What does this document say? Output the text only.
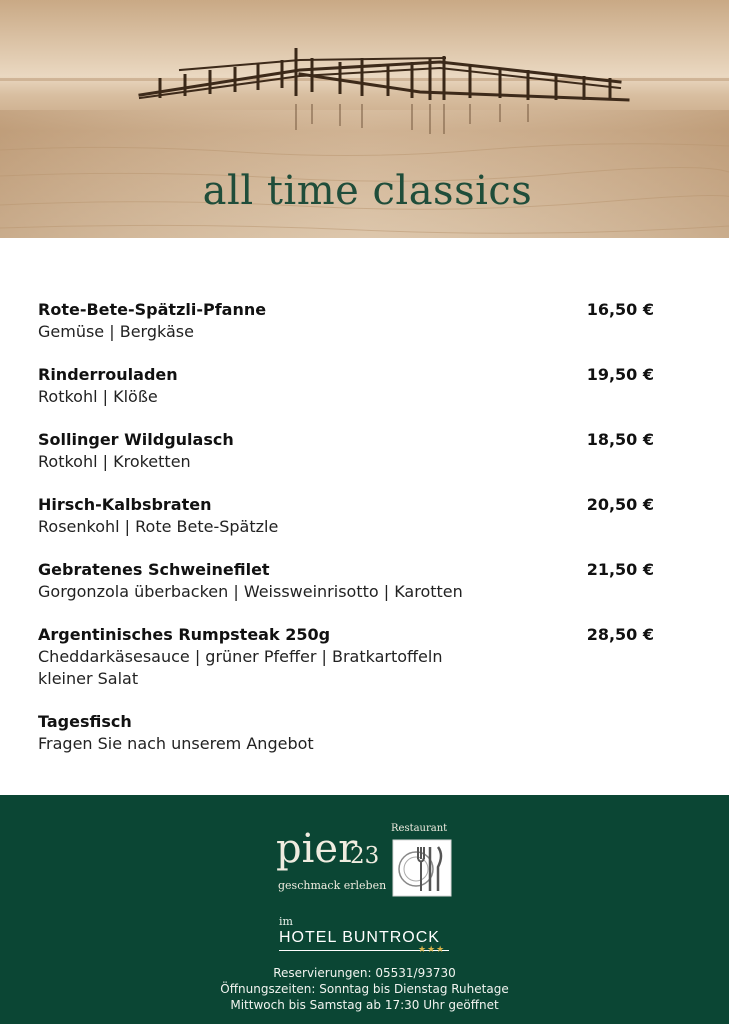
all time classics
Rote-Bete-Spätzli-Pfanne	16,50 €
Gemüse | Bergkäse
Rinderrouladen	19,50 €
Rotkohl | Klöße
Sollinger Wildgulasch	18,50 €
Rotkohl | Kroketten
Hirsch-Kalbsbraten	20,50 €
Rosenkohl | Rote Bete-Spätzle
Gebratenes Schweinefilet	21,50 €
Gorgonzola überbacken | Weissweinrisotto | Karotten
Argentinisches Rumpsteak 250g	28,50 €
Cheddarkäsesauce | grüner Pfeffer | Bratkartoffeln
kleiner Salat
Tagesfisch
Fragen Sie nach unserem Angebot
pier
23
Restaurant
geschmack erleben
im
HOTEL BUNTROCK
★★★
Reservierungen: 05531/93730
Öffnungszeiten: Sonntag bis Dienstag Ruhetage
Mittwoch bis Samstag ab 17:30 Uhr geöffnet
